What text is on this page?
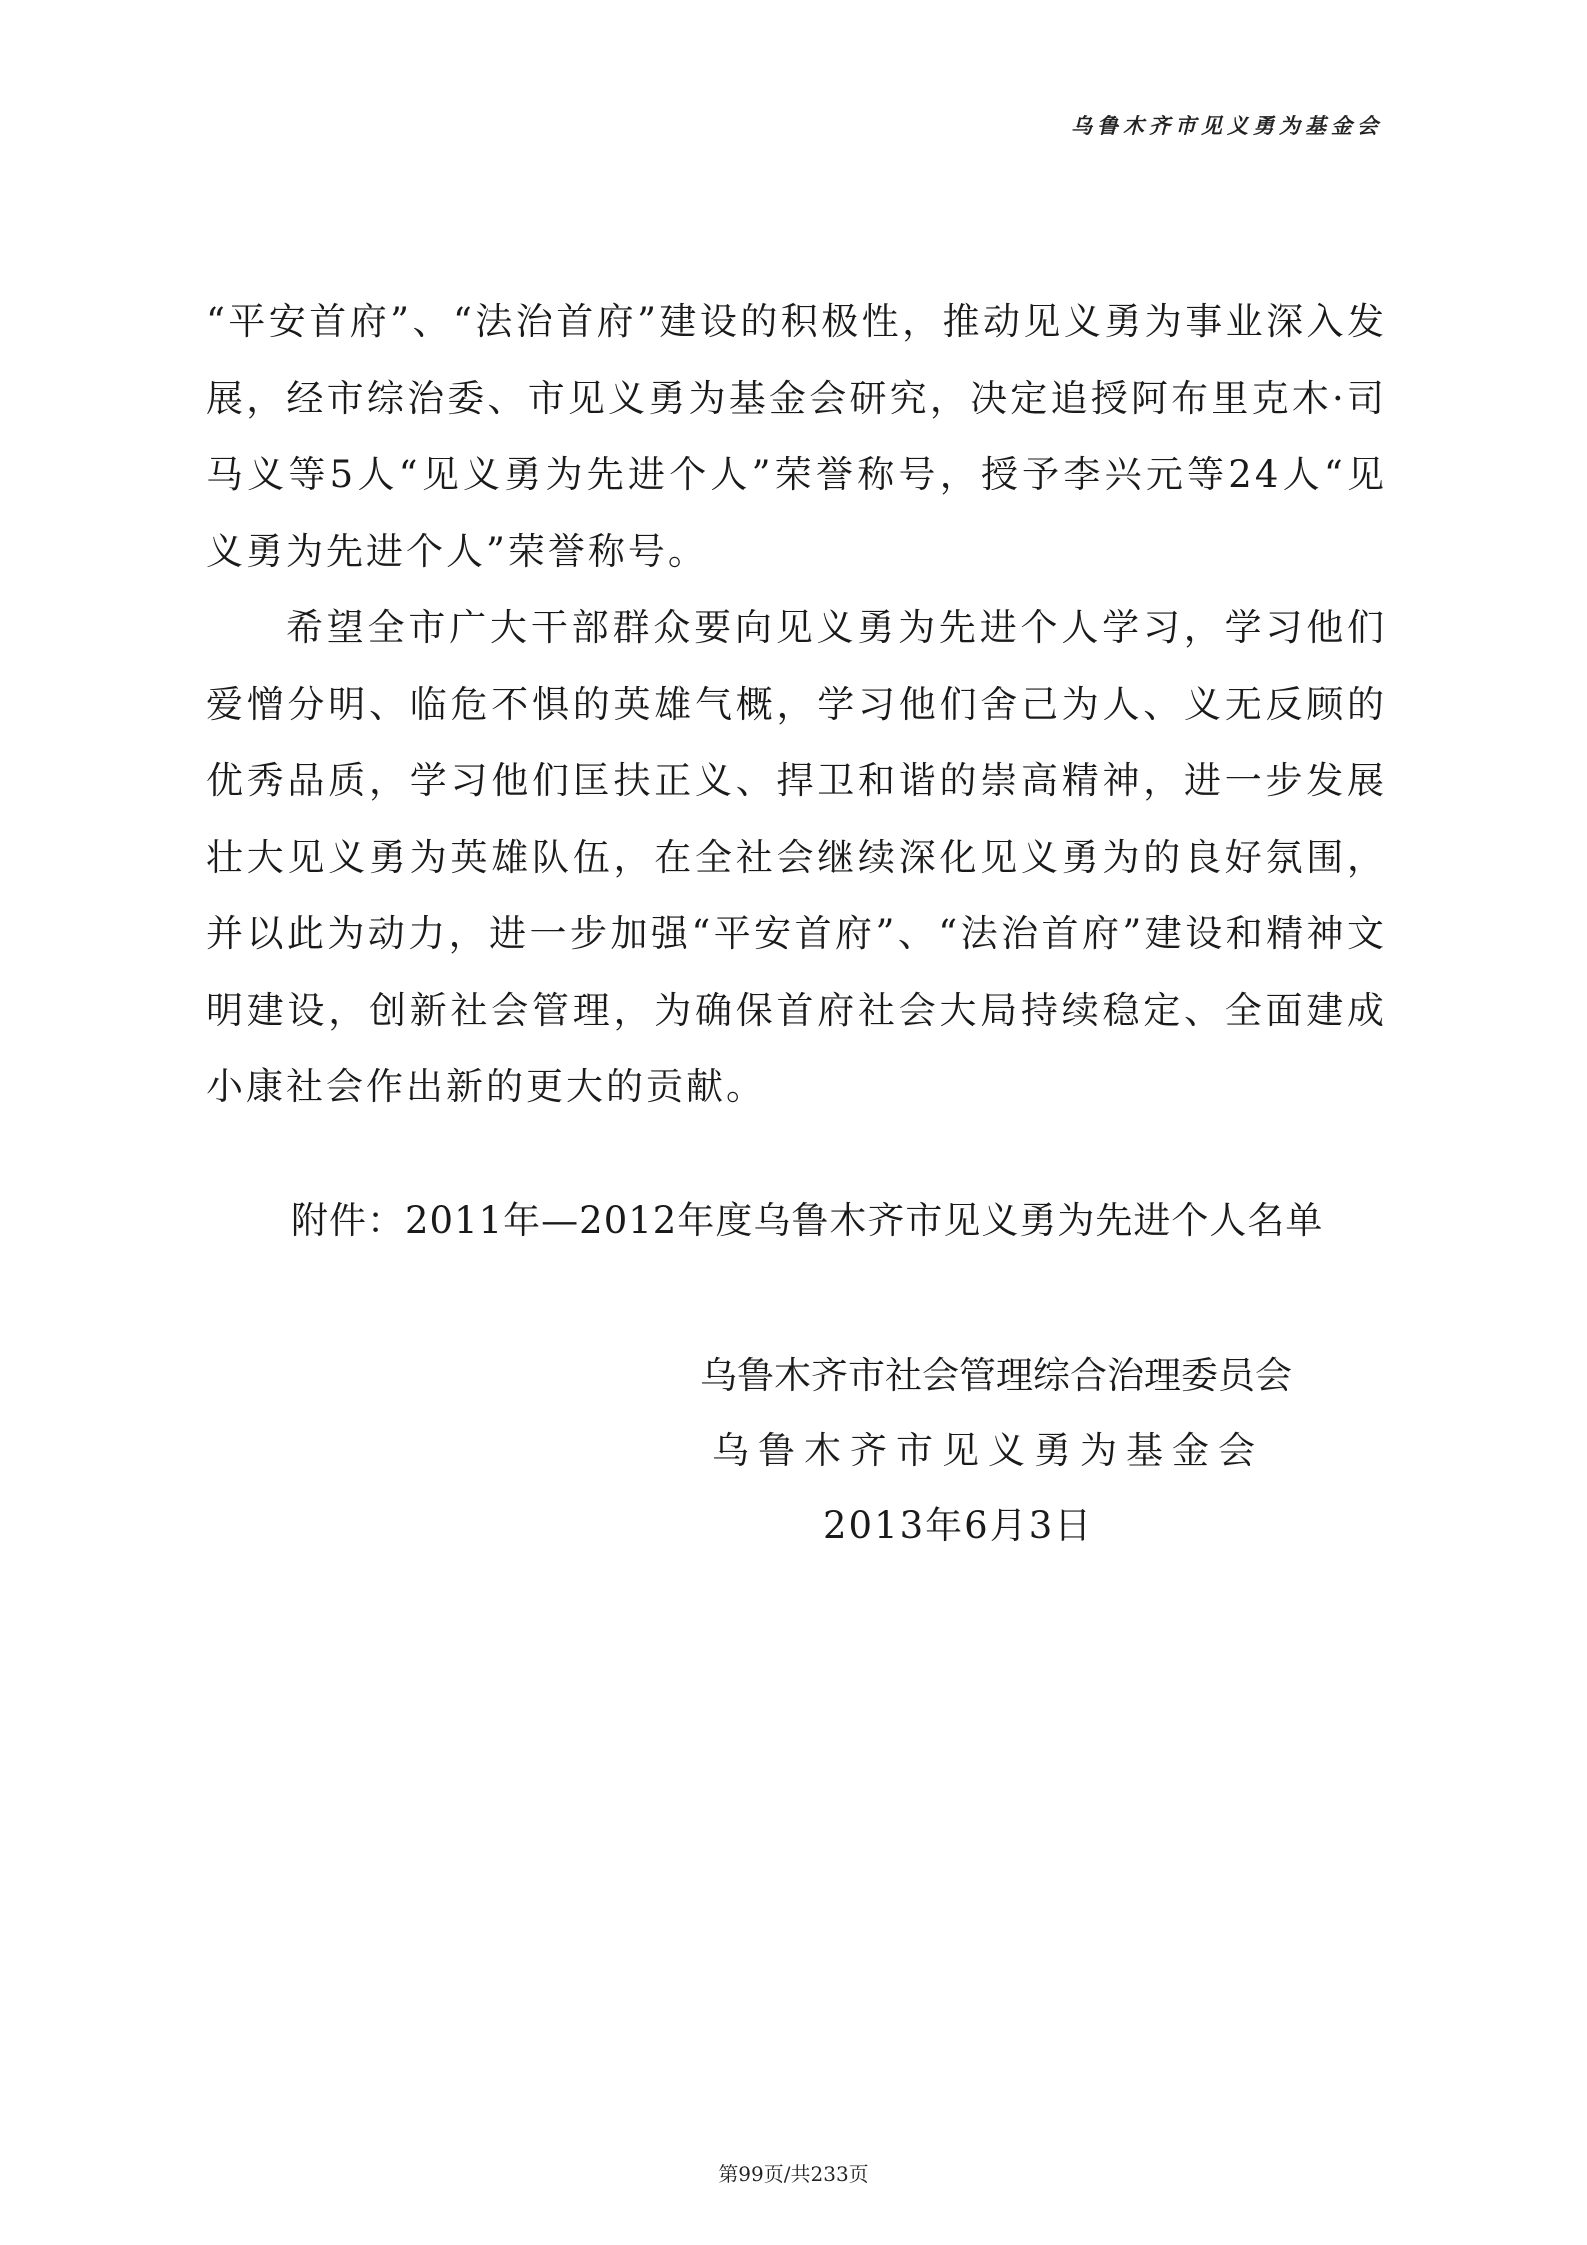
乌鲁木齐市见义勇为基金会

“平安首府”、“法治首府”建设的积极性，推动见义勇为事业深入发展，经市综治委、市见义勇为基金会研究，决定追授阿布里克木·司马义等5人“见义勇为先进个人”荣誉称号，授予李兴元等24人“见义勇为先进个人”荣誉称号。

希望全市广大干部群众要向见义勇为先进个人学习，学习他们爱憎分明、临危不惧的英雄气概，学习他们舍己为人、义无反顾的优秀品质，学习他们匡扶正义、捍卫和谐的崇高精神，进一步发展壮大见义勇为英雄队伍，在全社会继续深化见义勇为的良好氛围，并以此为动力，进一步加强“平安首府”、“法治首府”建设和精神文明建设，创新社会管理，为确保首府社会大局持续稳定、全面建成小康社会作出新的更大的贡献。

附件：2011年—2012年度乌鲁木齐市见义勇为先进个人名单
乌鲁木齐市社会管理综合治理委员会
乌鲁木齐市见义勇为基金会
2013年6月3日
第99页/共233页
